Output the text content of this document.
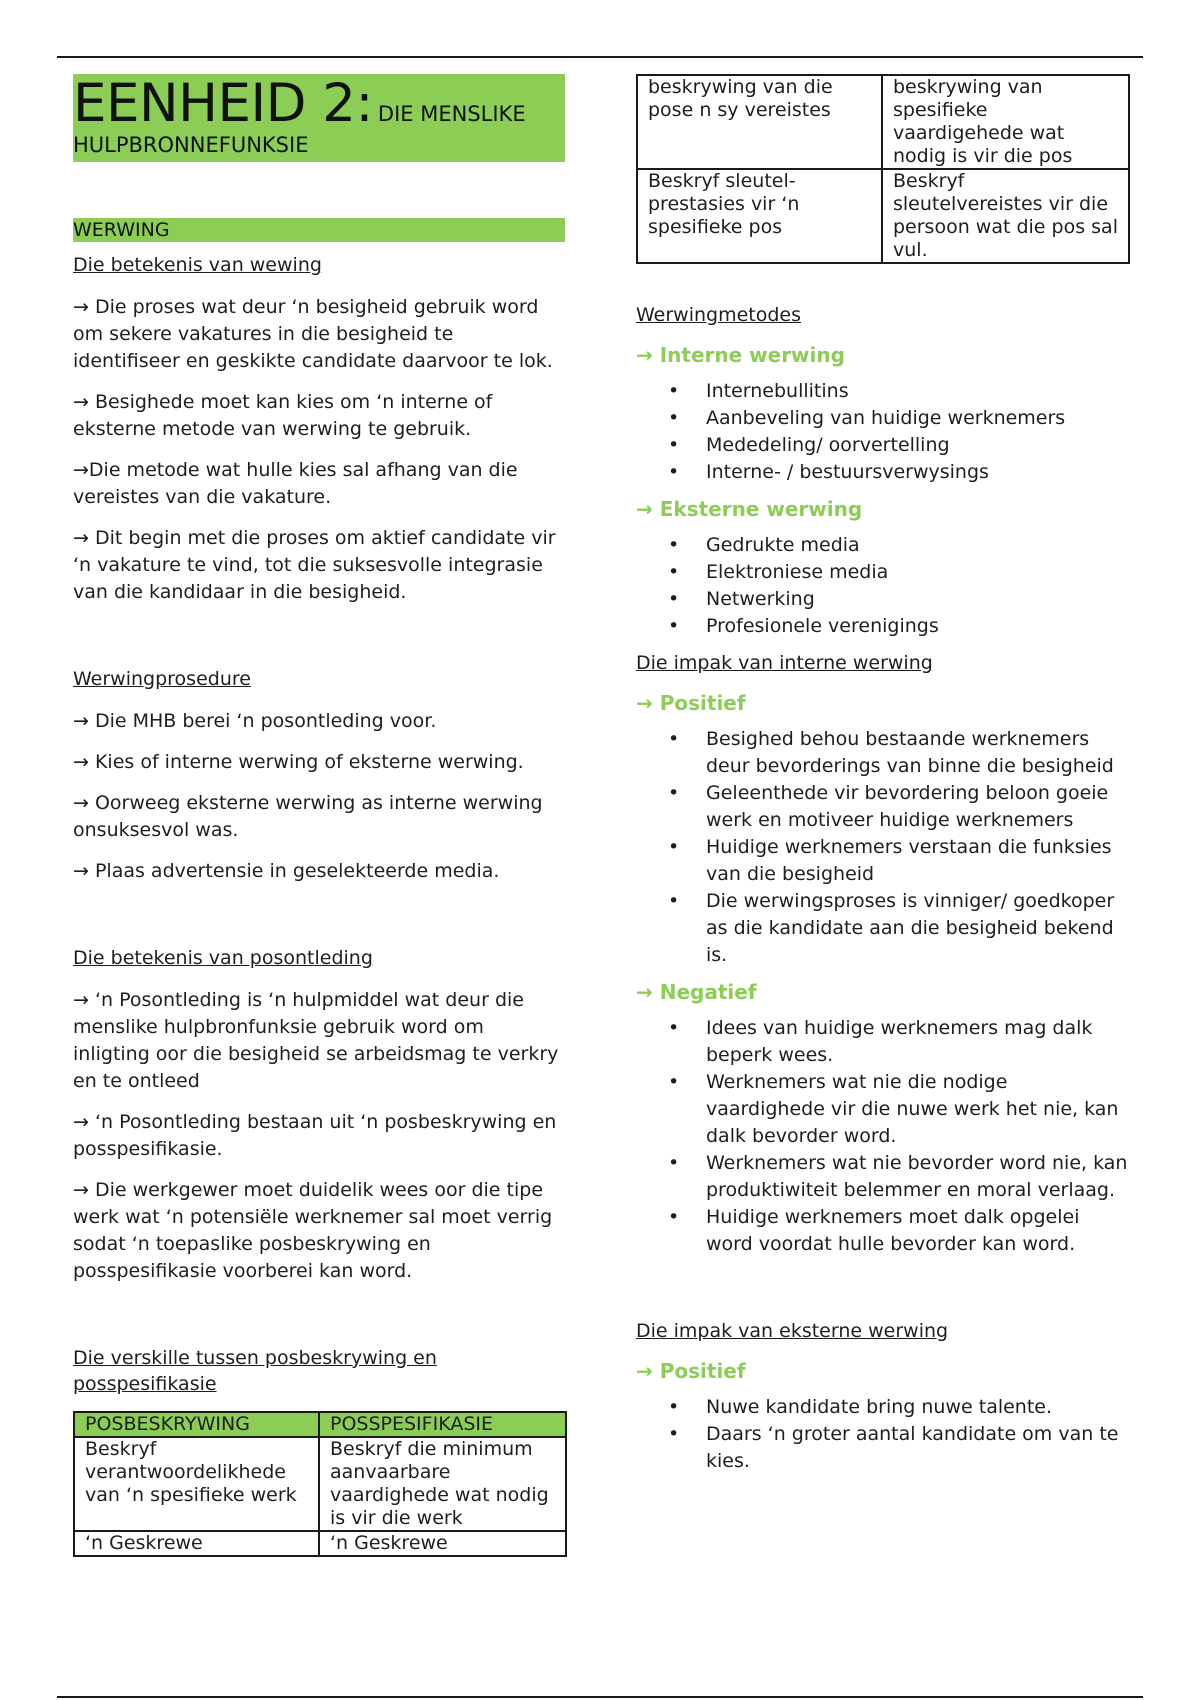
EENHEID 2: DIE MENSLIKE
HULPBRONNEFUNKSIE
WERWING
Die betekenis van wewing

→ Die proses wat deur ‘n besigheid gebruik word om sekere vakatures in die besigheid te identifiseer en geskikte candidate daarvoor te lok.

→ Besighede moet kan kies om ‘n interne of eksterne metode van werwing te gebruik.

→Die metode wat hulle kies sal afhang van die vereistes van die vakature.

→ Dit begin met die proses om aktief candidate vir ‘n vakature te vind, tot die suksesvolle integrasie van die kandidaar in die besigheid.

Werwingprosedure

→ Die MHB berei ‘n posontleding voor.

→ Kies of interne werwing of eksterne werwing.

→ Oorweeg eksterne werwing as interne werwing onsuksesvol was.

→ Plaas advertensie in geselekteerde media.

Die betekenis van posontleding

→ ‘n Posontleding is ‘n hulpmiddel wat deur die menslike hulpbronfunksie gebruik word om inligting oor die besigheid se arbeidsmag te verkry en te ontleed

→ ‘n Posontleding bestaan uit ‘n posbeskrywing en posspesifikasie.

→ Die werkgewer moet duidelik wees oor die tipe werk wat ‘n potensiële werknemer sal moet verrig sodat ‘n toepaslike posbeskrywing en posspesifikasie voorberei kan word.

Die verskille tussen posbeskrywing en posspesifikasie
POSBESKRYWING	POSSPESIFIKASIE
Beskryf verantwoordelikhede van ‘n spesifieke werk	Beskryf die minimum aanvaarbare vaardighede wat nodig is vir die werk
‘n Geskrewe	‘n Geskrewe
beskrywing van die pose n sy vereistes	beskrywing van spesifieke vaardigehede wat nodig is vir die pos
Beskryf sleutel-prestasies vir ‘n spesifieke pos	Beskryf sleutelvereistes vir die persoon wat die pos sal vul.
Werwingmetodes
→ Interne werwing
• Internebullitins
• Aanbeveling van huidige werknemers
• Mededeling/ oorvertelling
• Interne- / bestuursverwysings
→ Eksterne werwing
• Gedrukte media
• Elektroniese media
• Netwerking
• Profesionele verenigings
Die impak van interne werwing
→ Positief
• Besighed behou bestaande werknemers deur bevorderings van binne die besigheid
• Geleenthede vir bevordering beloon goeie werk en motiveer huidige werknemers
• Huidige werknemers verstaan die funksies van die besigheid
• Die werwingsproses is vinniger/ goedkoper as die kandidate aan die besigheid bekend is.
→ Negatief
• Idees van huidige werknemers mag dalk beperk wees.
• Werknemers wat nie die nodige vaardighede vir die nuwe werk het nie, kan dalk bevorder word.
• Werknemers wat nie bevorder word nie, kan produktiwiteit belemmer en moral verlaag.
• Huidige werknemers moet dalk opgelei word voordat hulle bevorder kan word.
Die impak van eksterne werwing
→ Positief
• Nuwe kandidate bring nuwe talente.
• Daars ‘n groter aantal kandidate om van te kies.
